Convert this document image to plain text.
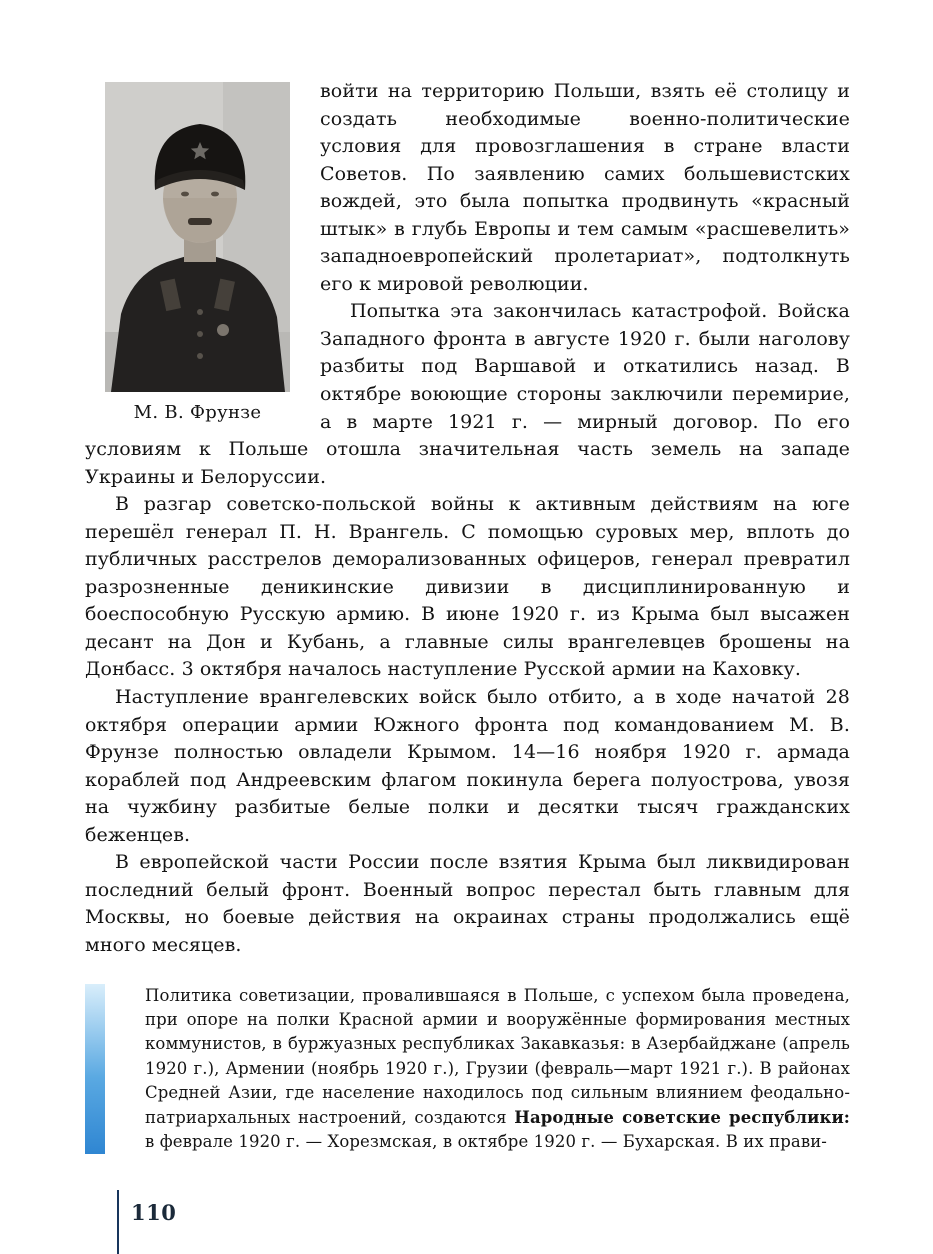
М. В. Фрунзе

войти на территорию Польши, взять её столицу и создать необходимые военно-политические условия для провозглашения в стране власти Советов. По заявлению самих большевистских вождей, это была попытка продвинуть «красный штык» в глубь Европы и тем самым «расшевелить» западноевропейский пролетариат», подтолкнуть его к мировой революции.

Попытка эта закончилась катастрофой. Войска Западного фронта в августе 1920 г. были наголову разбиты под Варшавой и откатились назад. В октябре воюющие стороны заключили перемирие, а в марте 1921 г. — мирный договор. По его условиям к Польше отошла значительная часть земель на западе Украины и Белоруссии.

В разгар советско-польской войны к активным действиям на юге перешёл генерал П. Н. Врангель. С помощью суровых мер, вплоть до публичных расстрелов деморализованных офицеров, генерал превратил разрозненные деникинские дивизии в дисциплинированную и боеспособную Русскую армию. В июне 1920 г. из Крыма был высажен десант на Дон и Кубань, а главные силы врангелевцев брошены на Донбасс. 3 октября началось наступление Русской армии на Каховку.

Наступление врангелевских войск было отбито, а в ходе начатой 28 октября операции армии Южного фронта под командованием М. В. Фрунзе полностью овладели Крымом. 14—16 ноября 1920 г. армада кораблей под Андреевским флагом покинула берега полуострова, увозя на чужбину разбитые белые полки и десятки тысяч гражданских беженцев.

В европейской части России после взятия Крыма был ликвидирован последний белый фронт. Военный вопрос перестал быть главным для Москвы, но боевые действия на окраинах страны продолжались ещё много месяцев.

Политика советизации, провалившаяся в Польше, с успехом была проведена, при опоре на полки Красной армии и вооружённые формирования местных коммунистов, в буржуазных республиках Закавказья: в Азербайджане (апрель 1920 г.), Армении (ноябрь 1920 г.), Грузии (февраль—март 1921 г.). В районах Средней Азии, где население находилось под сильным влиянием феодально-патриархальных настроений, создаются Народные советские республики: в феврале 1920 г. — Хорезмская, в октябре 1920 г. — Бухарская. В их прави-

110
